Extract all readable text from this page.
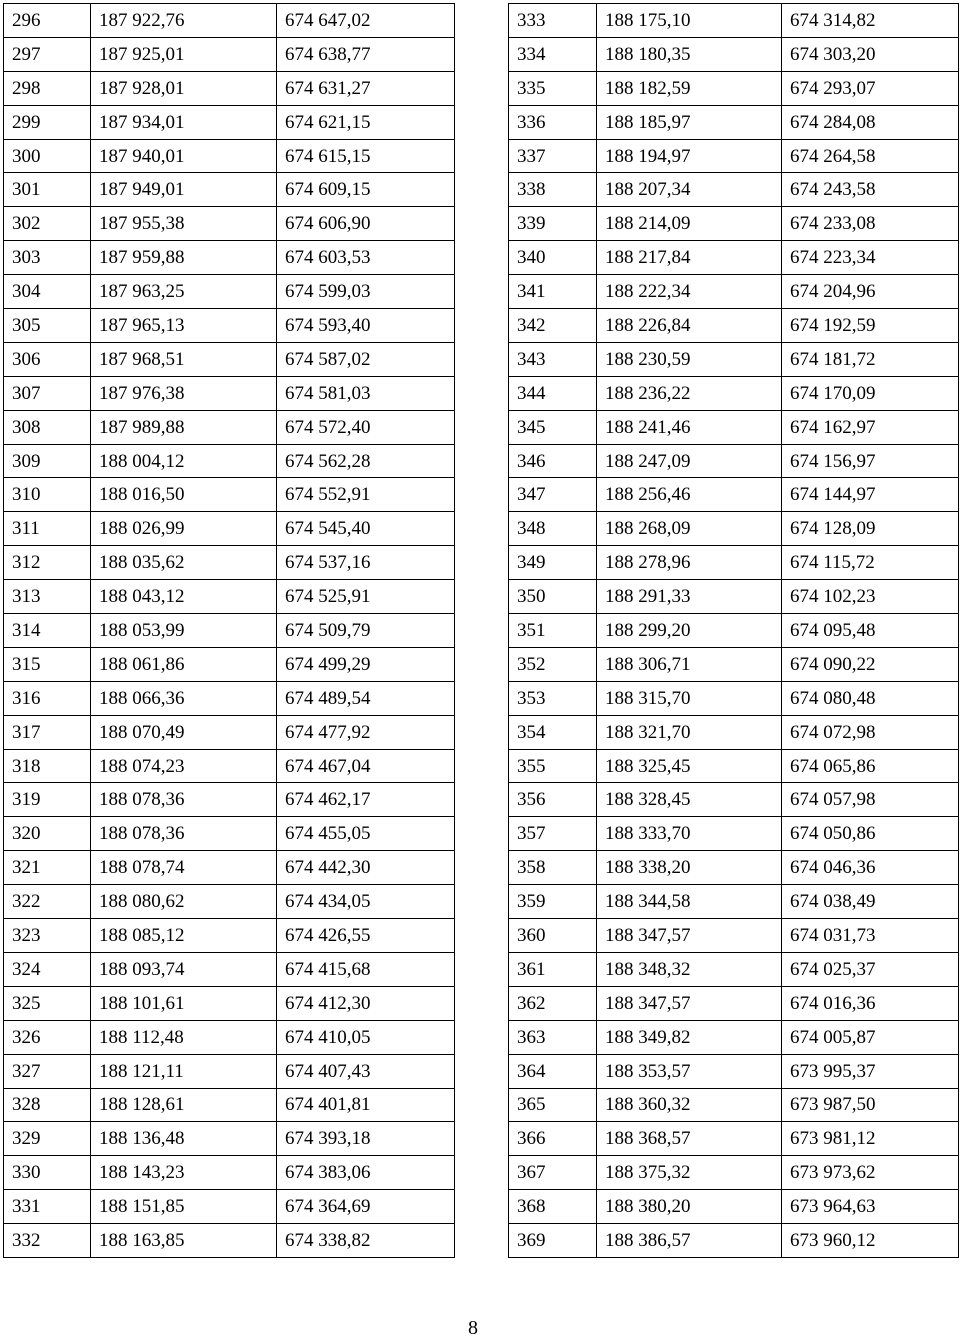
296	187 922,76	674 647,02
297	187 925,01	674 638,77
298	187 928,01	674 631,27
299	187 934,01	674 621,15
300	187 940,01	674 615,15
301	187 949,01	674 609,15
302	187 955,38	674 606,90
303	187 959,88	674 603,53
304	187 963,25	674 599,03
305	187 965,13	674 593,40
306	187 968,51	674 587,02
307	187 976,38	674 581,03
308	187 989,88	674 572,40
309	188 004,12	674 562,28
310	188 016,50	674 552,91
311	188 026,99	674 545,40
312	188 035,62	674 537,16
313	188 043,12	674 525,91
314	188 053,99	674 509,79
315	188 061,86	674 499,29
316	188 066,36	674 489,54
317	188 070,49	674 477,92
318	188 074,23	674 467,04
319	188 078,36	674 462,17
320	188 078,36	674 455,05
321	188 078,74	674 442,30
322	188 080,62	674 434,05
323	188 085,12	674 426,55
324	188 093,74	674 415,68
325	188 101,61	674 412,30
326	188 112,48	674 410,05
327	188 121,11	674 407,43
328	188 128,61	674 401,81
329	188 136,48	674 393,18
330	188 143,23	674 383,06
331	188 151,85	674 364,69
332	188 163,85	674 338,82
333	188 175,10	674 314,82
334	188 180,35	674 303,20
335	188 182,59	674 293,07
336	188 185,97	674 284,08
337	188 194,97	674 264,58
338	188 207,34	674 243,58
339	188 214,09	674 233,08
340	188 217,84	674 223,34
341	188 222,34	674 204,96
342	188 226,84	674 192,59
343	188 230,59	674 181,72
344	188 236,22	674 170,09
345	188 241,46	674 162,97
346	188 247,09	674 156,97
347	188 256,46	674 144,97
348	188 268,09	674 128,09
349	188 278,96	674 115,72
350	188 291,33	674 102,23
351	188 299,20	674 095,48
352	188 306,71	674 090,22
353	188 315,70	674 080,48
354	188 321,70	674 072,98
355	188 325,45	674 065,86
356	188 328,45	674 057,98
357	188 333,70	674 050,86
358	188 338,20	674 046,36
359	188 344,58	674 038,49
360	188 347,57	674 031,73
361	188 348,32	674 025,37
362	188 347,57	674 016,36
363	188 349,82	674 005,87
364	188 353,57	673 995,37
365	188 360,32	673 987,50
366	188 368,57	673 981,12
367	188 375,32	673 973,62
368	188 380,20	673 964,63
369	188 386,57	673 960,12
8
